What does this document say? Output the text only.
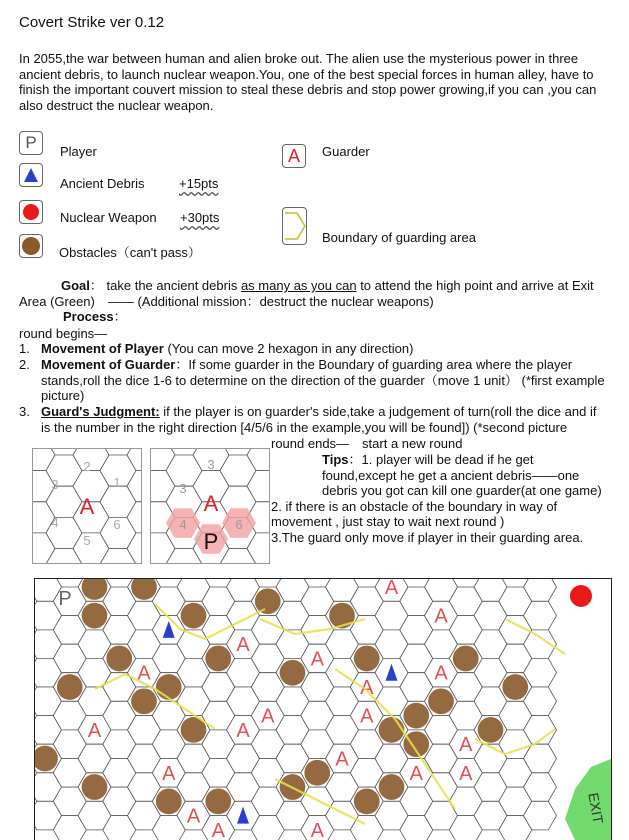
Covert Strike ver 0.12
In 2055,the war between human and alien broke out. The alien use the mysterious power in three ancient debris, to launch nuclear weapon.You, one of the best special forces in human alley, have to finish the important couvert mission to steal these debris and stop power growing,if you can ,you can also destruct the nuclear weapon.
P	Player
Ancient Debris	+15pts
Nuclear Weapon +30pts
Obstacles（can't pass）
A	Guarder
Boundary of guarding area
Goal： take the ancient debris as many as you can to attend the high point and arrive at Exit Area (Green)　—— (Additional mission：destruct the nuclear weapons)
Process：
round begins—
1. Movement of Player (You can move 2 hexagon in any direction)
2. Movement of Guarder：If some guarder in the Boundary of guarding area where the player stands,roll the dice 1-6 to determine on the direction of the guarder（move 1 unit） (*first example picture)
3. Guard's Judgment: if the player is on guarder's side,take a judgement of turn(roll the dice and if is the number in the right direction [4/5/6 in the example,you will be found]) (*second picture
round ends—　start a new round
Tips：1. player will be dead if he get found,except he get a ancient debris——one debris you got can kill one guarder(at one game)
2. if there is an obstacle of the boundary in way of movement , just stay to wait next round )
3.The guard only move if player in their guarding area.
2
1
3
6
4
5
A
3
3
4	6
A
P
A
A
A
A
A
A
A
A
A
A
A
A
A
A
A
A
A
A
A
P
EXIT
